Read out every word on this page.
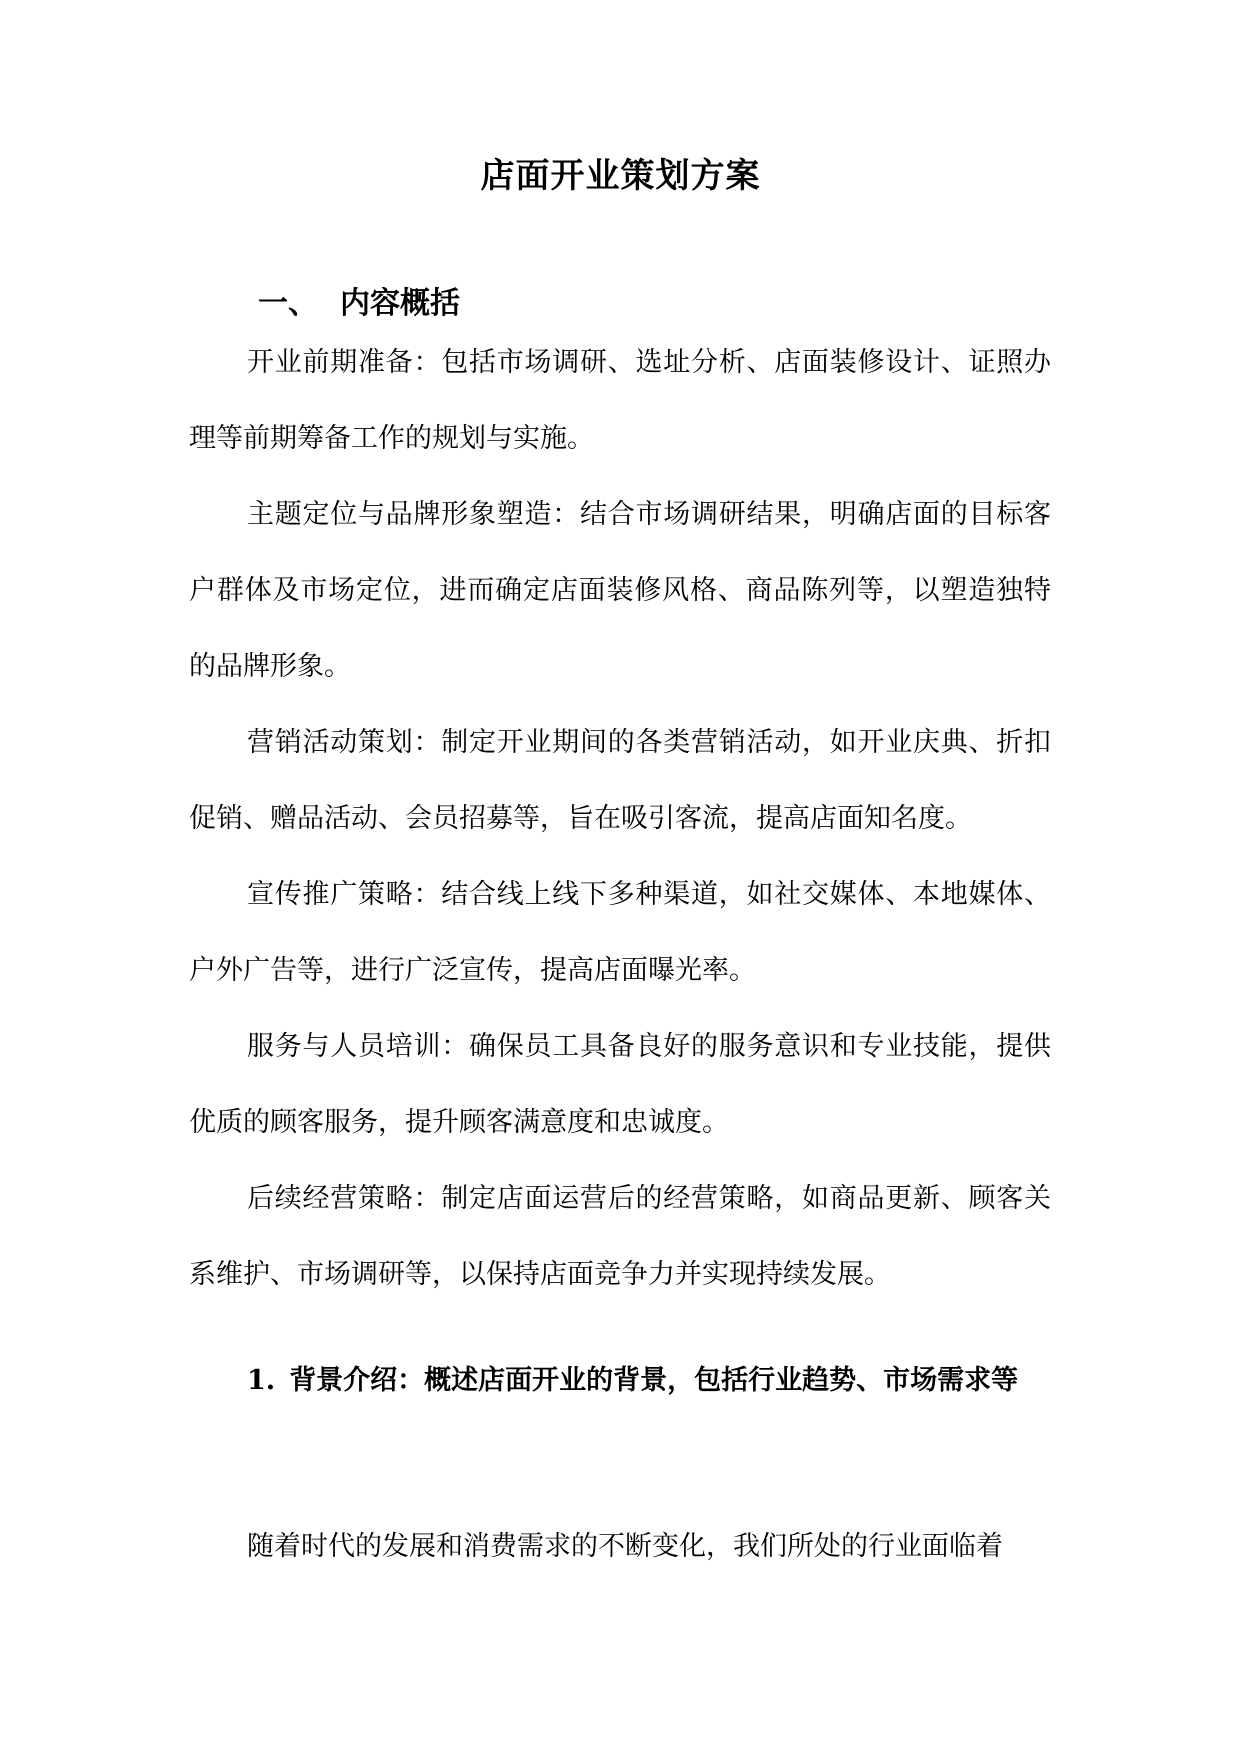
店面开业策划方案
一、 内容概括

开业前期准备：包括市场调研、选址分析、店面装修设计、证照办理等前期筹备工作的规划与实施。

主题定位与品牌形象塑造：结合市场调研结果，明确店面的目标客户群体及市场定位，进而确定店面装修风格、商品陈列等，以塑造独特的品牌形象。

营销活动策划：制定开业期间的各类营销活动，如开业庆典、折扣促销、赠品活动、会员招募等，旨在吸引客流，提高店面知名度。

宣传推广策略：结合线上线下多种渠道，如社交媒体、本地媒体、户外广告等，进行广泛宣传，提高店面曝光率。

服务与人员培训：确保员工具备良好的服务意识和专业技能，提供优质的顾客服务，提升顾客满意度和忠诚度。

后续经营策略：制定店面运营后的经营策略，如商品更新、顾客关系维护、市场调研等，以保持店面竞争力并实现持续发展。

1. 背景介绍：概述店面开业的背景，包括行业趋势、市场需求等

随着时代的发展和消费需求的不断变化，我们所处的行业面临着
